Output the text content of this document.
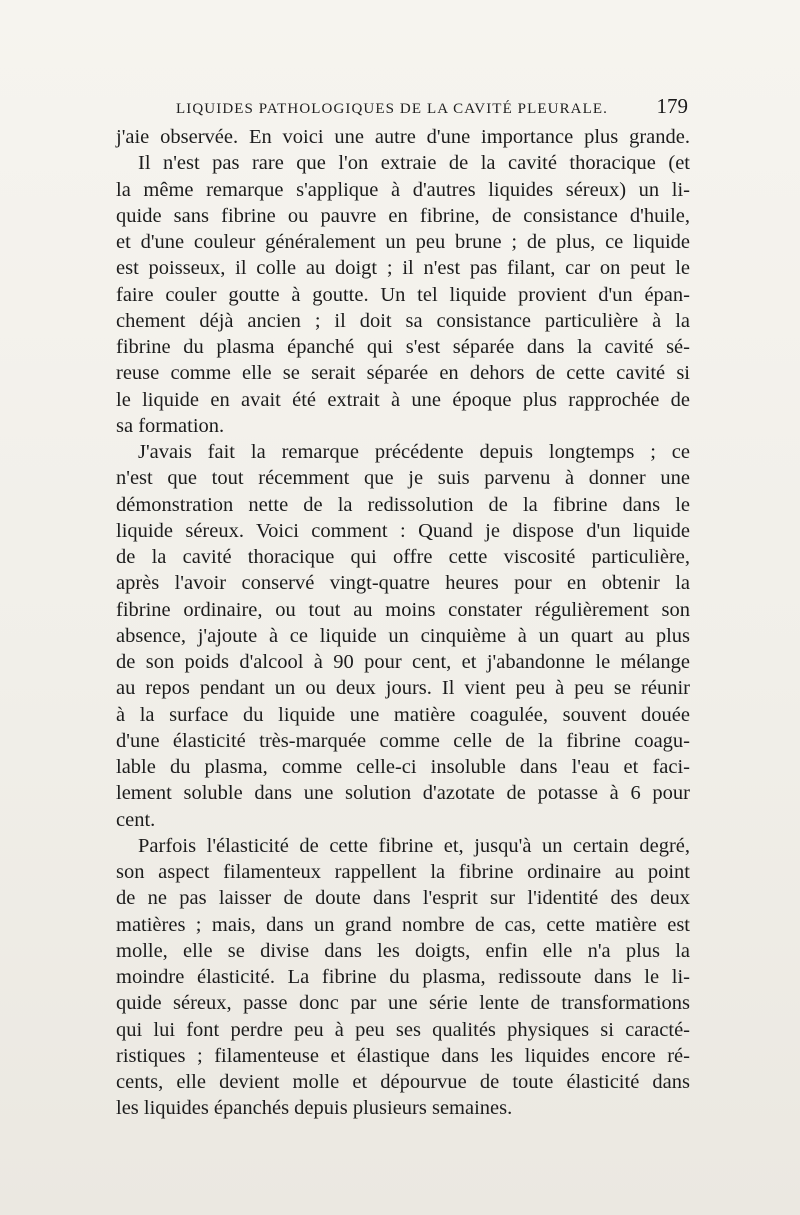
LIQUIDES PATHOLOGIQUES DE LA CAVITÉ PLEURALE. 179
j'aie observée. En voici une autre d'une importance plus grande.
Il n'est pas rare que l'on extraie de la cavité thoracique (et
la même remarque s'applique à d'autres liquides séreux) un li-
quide sans fibrine ou pauvre en fibrine, de consistance d'huile,
et d'une couleur généralement un peu brune ; de plus, ce liquide
est poisseux, il colle au doigt ; il n'est pas filant, car on peut le
faire couler goutte à goutte. Un tel liquide provient d'un épan-
chement déjà ancien ; il doit sa consistance particulière à la
fibrine du plasma épanché qui s'est séparée dans la cavité sé-
reuse comme elle se serait séparée en dehors de cette cavité si
le liquide en avait été extrait à une époque plus rapprochée de
sa formation.
J'avais fait la remarque précédente depuis longtemps ; ce
n'est que tout récemment que je suis parvenu à donner une
démonstration nette de la redissolution de la fibrine dans le
liquide séreux. Voici comment : Quand je dispose d'un liquide
de la cavité thoracique qui offre cette viscosité particulière,
après l'avoir conservé vingt-quatre heures pour en obtenir la
fibrine ordinaire, ou tout au moins constater régulièrement son
absence, j'ajoute à ce liquide un cinquième à un quart au plus
de son poids d'alcool à 90 pour cent, et j'abandonne le mélange
au repos pendant un ou deux jours. Il vient peu à peu se réunir
à la surface du liquide une matière coagulée, souvent douée
d'une élasticité très-marquée comme celle de la fibrine coagu-
lable du plasma, comme celle-ci insoluble dans l'eau et faci-
lement soluble dans une solution d'azotate de potasse à 6 pour
cent.
Parfois l'élasticité de cette fibrine et, jusqu'à un certain degré,
son aspect filamenteux rappellent la fibrine ordinaire au point
de ne pas laisser de doute dans l'esprit sur l'identité des deux
matières ; mais, dans un grand nombre de cas, cette matière est
molle, elle se divise dans les doigts, enfin elle n'a plus la
moindre élasticité. La fibrine du plasma, redissoute dans le li-
quide séreux, passe donc par une série lente de transformations
qui lui font perdre peu à peu ses qualités physiques si caracté-
ristiques ; filamenteuse et élastique dans les liquides encore ré-
cents, elle devient molle et dépourvue de toute élasticité dans
les liquides épanchés depuis plusieurs semaines.
